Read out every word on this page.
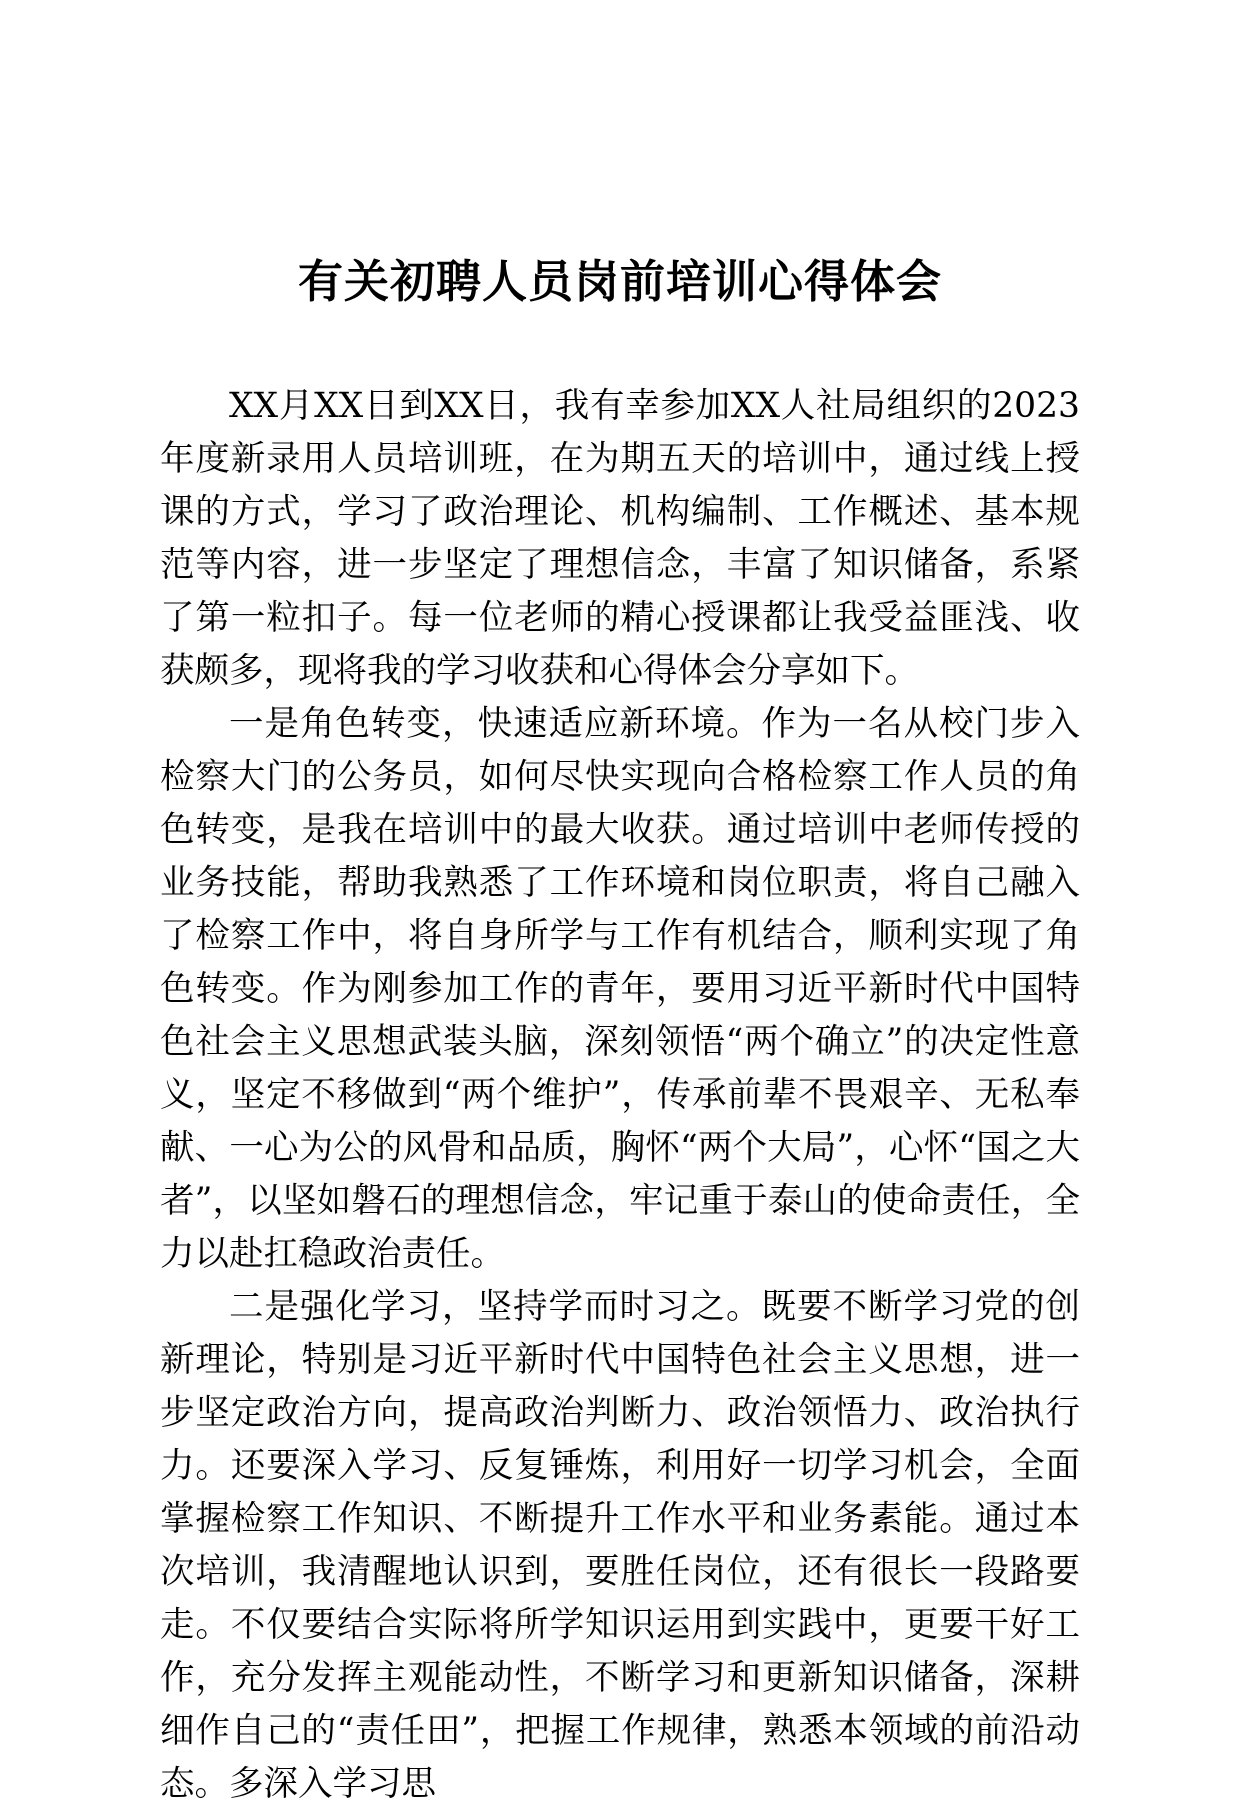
有关初聘人员岗前培训心得体会

XX月XX日到XX日，我有幸参加XX人社局组织的2023年度新录用人员培训班，在为期五天的培训中，通过线上授课的方式，学习了政治理论、机构编制、工作概述、基本规范等内容，进一步坚定了理想信念，丰富了知识储备，系紧了第一粒扣子。每一位老师的精心授课都让我受益匪浅、收获颇多，现将我的学习收获和心得体会分享如下。

一是角色转变，快速适应新环境。作为一名从校门步入检察大门的公务员，如何尽快实现向合格检察工作人员的角色转变，是我在培训中的最大收获。通过培训中老师传授的业务技能，帮助我熟悉了工作环境和岗位职责，将自己融入了检察工作中，将自身所学与工作有机结合，顺利实现了角色转变。作为刚参加工作的青年，要用习近平新时代中国特色社会主义思想武装头脑，深刻领悟“两个确立”的决定性意义，坚定不移做到“两个维护”，传承前辈不畏艰辛、无私奉献、一心为公的风骨和品质，胸怀“两个大局”，心怀“国之大者”，以坚如磐石的理想信念，牢记重于泰山的使命责任，全力以赴扛稳政治责任。

二是强化学习，坚持学而时习之。既要不断学习党的创新理论，特别是习近平新时代中国特色社会主义思想，进一步坚定政治方向，提高政治判断力、政治领悟力、政治执行力。还要深入学习、反复锤炼，利用好一切学习机会，全面掌握检察工作知识、不断提升工作水平和业务素能。通过本次培训，我清醒地认识到，要胜任岗位，还有很长一段路要走。不仅要结合实际将所学知识运用到实践中，更要干好工作，充分发挥主观能动性，不断学习和更新知识储备，深耕细作自己的“责任田”，把握工作规律，熟悉本领域的前沿动态。多深入学习思
